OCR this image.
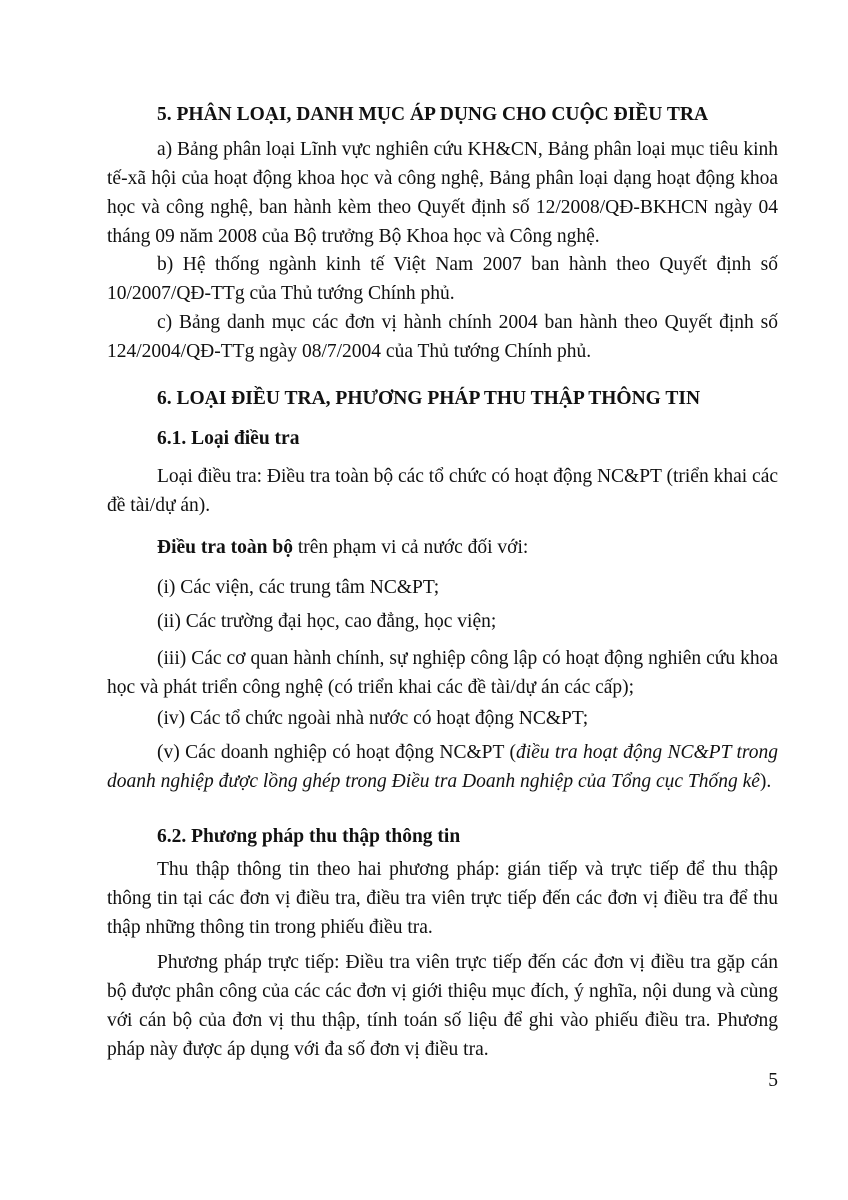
5. PHÂN LOẠI, DANH MỤC ÁP DỤNG CHO CUỘC ĐIỀU TRA

a) Bảng phân loại Lĩnh vực nghiên cứu KH&CN, Bảng phân loại mục tiêu kinh tế-xã hội của hoạt động khoa học và công nghệ, Bảng phân loại dạng hoạt động khoa học và công nghệ, ban hành kèm theo Quyết định số 12/2008/QĐ-BKHCN ngày 04 tháng 09 năm 2008 của Bộ trưởng Bộ Khoa học và Công nghệ.

b) Hệ thống ngành kinh tế Việt Nam 2007 ban hành theo Quyết định số 10/2007/QĐ-TTg của Thủ tướng Chính phủ.

c) Bảng danh mục các đơn vị hành chính 2004 ban hành theo Quyết định số 124/2004/QĐ-TTg ngày 08/7/2004 của Thủ tướng Chính phủ.

6. LOẠI ĐIỀU TRA, PHƯƠNG PHÁP THU THẬP THÔNG TIN

6.1. Loại điều tra

Loại điều tra: Điều tra toàn bộ các tổ chức có hoạt động NC&PT (triển khai các đề tài/dự án).

Điều tra toàn bộ trên phạm vi cả nước đối với:

(i) Các viện, các trung tâm NC&PT;

(ii) Các trường đại học, cao đẳng, học viện;

(iii) Các cơ quan hành chính, sự nghiệp công lập có hoạt động nghiên cứu khoa học và phát triển công nghệ (có triển khai các đề tài/dự án các cấp);

(iv) Các tổ chức ngoài nhà nước có hoạt động NC&PT;

(v) Các doanh nghiệp có hoạt động NC&PT (điều tra hoạt động NC&PT trong doanh nghiệp được lồng ghép trong Điều tra Doanh nghiệp của Tổng cục Thống kê).

6.2. Phương pháp thu thập thông tin

Thu thập thông tin theo hai phương pháp: gián tiếp và trực tiếp để thu thập thông tin tại các đơn vị điều tra, điều tra viên trực tiếp đến các đơn vị điều tra để thu thập những thông tin trong phiếu điều tra.

Phương pháp trực tiếp: Điều tra viên trực tiếp đến các đơn vị điều tra gặp cán bộ được phân công của các các đơn vị giới thiệu mục đích, ý nghĩa, nội dung và cùng với cán bộ của đơn vị thu thập, tính toán số liệu để ghi vào phiếu điều tra. Phương pháp này được áp dụng với đa số đơn vị điều tra.

5
